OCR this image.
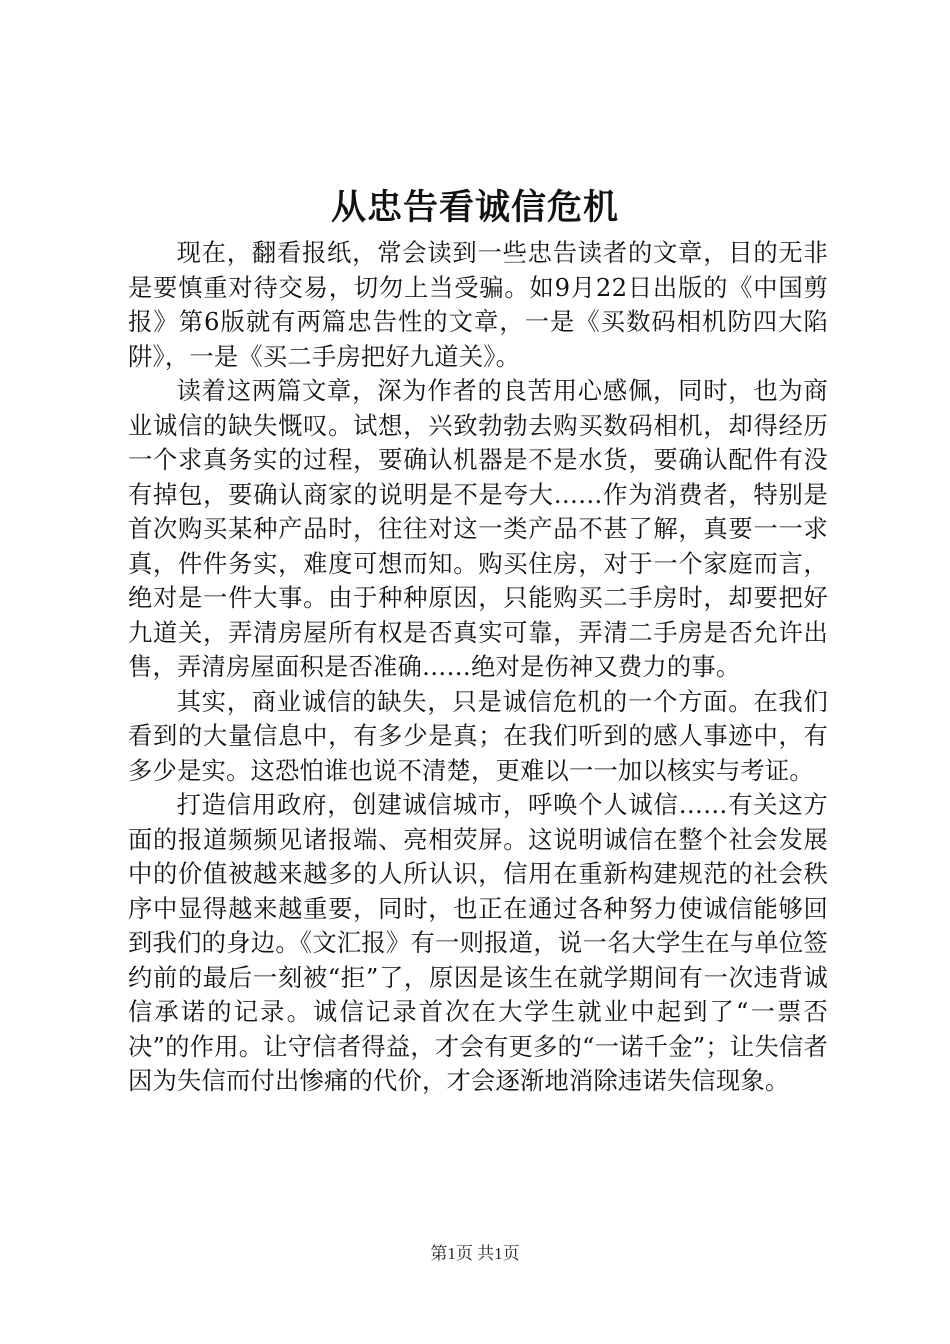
从忠告看诚信危机

现在，翻看报纸，常会读到一些忠告读者的文章，目的无非是要慎重对待交易，切勿上当受骗。如9月22日出版的《中国剪报》第6版就有两篇忠告性的文章，一是《买数码相机防四大陷阱》，一是《买二手房把好九道关》。

读着这两篇文章，深为作者的良苦用心感佩，同时，也为商业诚信的缺失慨叹。试想，兴致勃勃去购买数码相机，却得经历一个求真务实的过程，要确认机器是不是水货，要确认配件有没有掉包，要确认商家的说明是不是夸大……作为消费者，特别是首次购买某种产品时，往往对这一类产品不甚了解，真要一一求真，件件务实，难度可想而知。购买住房，对于一个家庭而言，绝对是一件大事。由于种种原因，只能购买二手房时，却要把好九道关，弄清房屋所有权是否真实可靠，弄清二手房是否允许出售，弄清房屋面积是否准确……绝对是伤神又费力的事。

其实，商业诚信的缺失，只是诚信危机的一个方面。在我们看到的大量信息中，有多少是真；在我们听到的感人事迹中，有多少是实。这恐怕谁也说不清楚，更难以一一加以核实与考证。

打造信用政府，创建诚信城市，呼唤个人诚信……有关这方面的报道频频见诸报端、亮相荧屏。这说明诚信在整个社会发展中的价值被越来越多的人所认识，信用在重新构建规范的社会秩序中显得越来越重要，同时，也正在通过各种努力使诚信能够回到我们的身边。《文汇报》有一则报道，说一名大学生在与单位签约前的最后一刻被“拒”了，原因是该生在就学期间有一次违背诚信承诺的记录。诚信记录首次在大学生就业中起到了“一票否决”的作用。让守信者得益，才会有更多的“一诺千金”；让失信者因为失信而付出惨痛的代价，才会逐渐地消除违诺失信现象。

第1页 共1页
